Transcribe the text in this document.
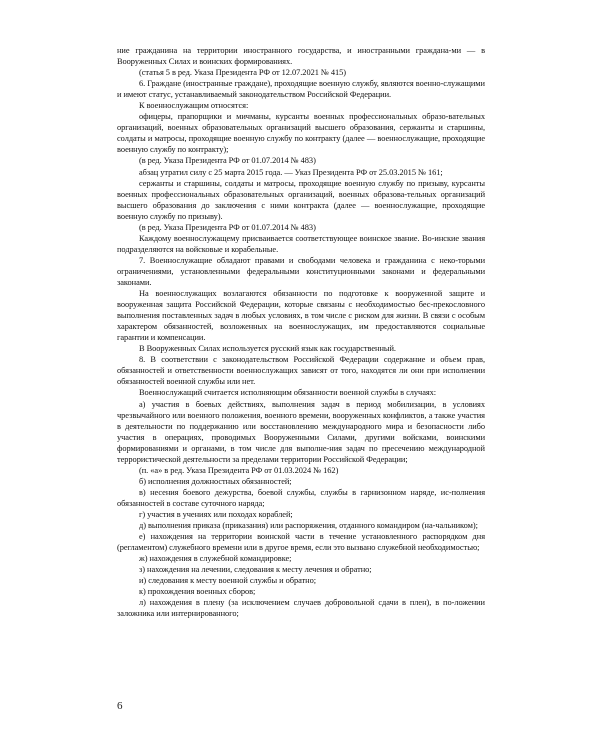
ние гражданина на территории иностранного государства, и иностранными граждана-ми — в Вооруженных Силах и воинских формированиях.

(статья 5 в ред. Указа Президента РФ от 12.07.2021 № 415)

6. Граждане (иностранные граждане), проходящие военную службу, являются военно-служащими и имеют статус, устанавливаемый законодательством Российской Федерации.

К военнослужащим относятся:

офицеры, прапорщики и мичманы, курсанты военных профессиональных образо-вательных организаций, военных образовательных организаций высшего образования, сержанты и старшины, солдаты и матросы, проходящие военную службу по контракту (далее — военнослужащие, проходящие военную службу по контракту);

(в ред. Указа Президента РФ от 01.07.2014 № 483)

абзац утратил силу с 25 марта 2015 года. — Указ Президента РФ от 25.03.2015 № 161;

сержанты и старшины, солдаты и матросы, проходящие военную службу по призыву, курсанты военных профессиональных образовательных организаций, военных образова-тельных организаций высшего образования до заключения с ними контракта (далее — военнослужащие, проходящие военную службу по призыву).

(в ред. Указа Президента РФ от 01.07.2014 № 483)

Каждому военнослужащему присваивается соответствующее воинское звание. Во-инские звания подразделяются на войсковые и корабельные.

7. Военнослужащие обладают правами и свободами человека и гражданина с неко-торыми ограничениями, установленными федеральными конституционными законами и федеральными законами.

На военнослужащих возлагаются обязанности по подготовке к вооруженной защите и вооруженная защита Российской Федерации, которые связаны с необходимостью бес-прекословного выполнения поставленных задач в любых условиях, в том числе с риском для жизни. В связи с особым характером обязанностей, возложенных на военнослужащих, им предоставляются социальные гарантии и компенсации.

В Вооруженных Силах используется русский язык как государственный.

8. В соответствии с законодательством Российской Федерации содержание и объем прав, обязанностей и ответственности военнослужащих зависят от того, находятся ли они при исполнении обязанностей военной службы или нет.

Военнослужащий считается исполняющим обязанности военной службы в случаях:

а) участия в боевых действиях, выполнения задач в период мобилизации, в условиях чрезвычайного или военного положения, военного времени, вооруженных конфликтов, а также участия в деятельности по поддержанию или восстановлению международного мира и безопасности либо участия в операциях, проводимых Вооруженными Силами, другими войсками, воинскими формированиями и органами, в том числе для выполне-ния задач по пресечению международной террористической деятельности за пределами территории Российской Федерации;

(п. «а» в ред. Указа Президента РФ от 01.03.2024 № 162)

б) исполнения должностных обязанностей;

в) несения боевого дежурства, боевой службы, службы в гарнизонном наряде, ис-полнения обязанностей в составе суточного наряда;

г) участия в учениях или походах кораблей;

д) выполнения приказа (приказания) или распоряжения, отданного командиром (на-чальником);

е) нахождения на территории воинской части в течение установленного распорядком дня (регламентом) служебного времени или в другое время, если это вызвано служебной необходимостью;

ж) нахождения в служебной командировке;

з) нахождения на лечении, следования к месту лечения и обратно;

и) следования к месту военной службы и обратно;

к) прохождения военных сборов;

л) нахождения в плену (за исключением случаев добровольной сдачи в плен), в по-ложении заложника или интернированного;

6
